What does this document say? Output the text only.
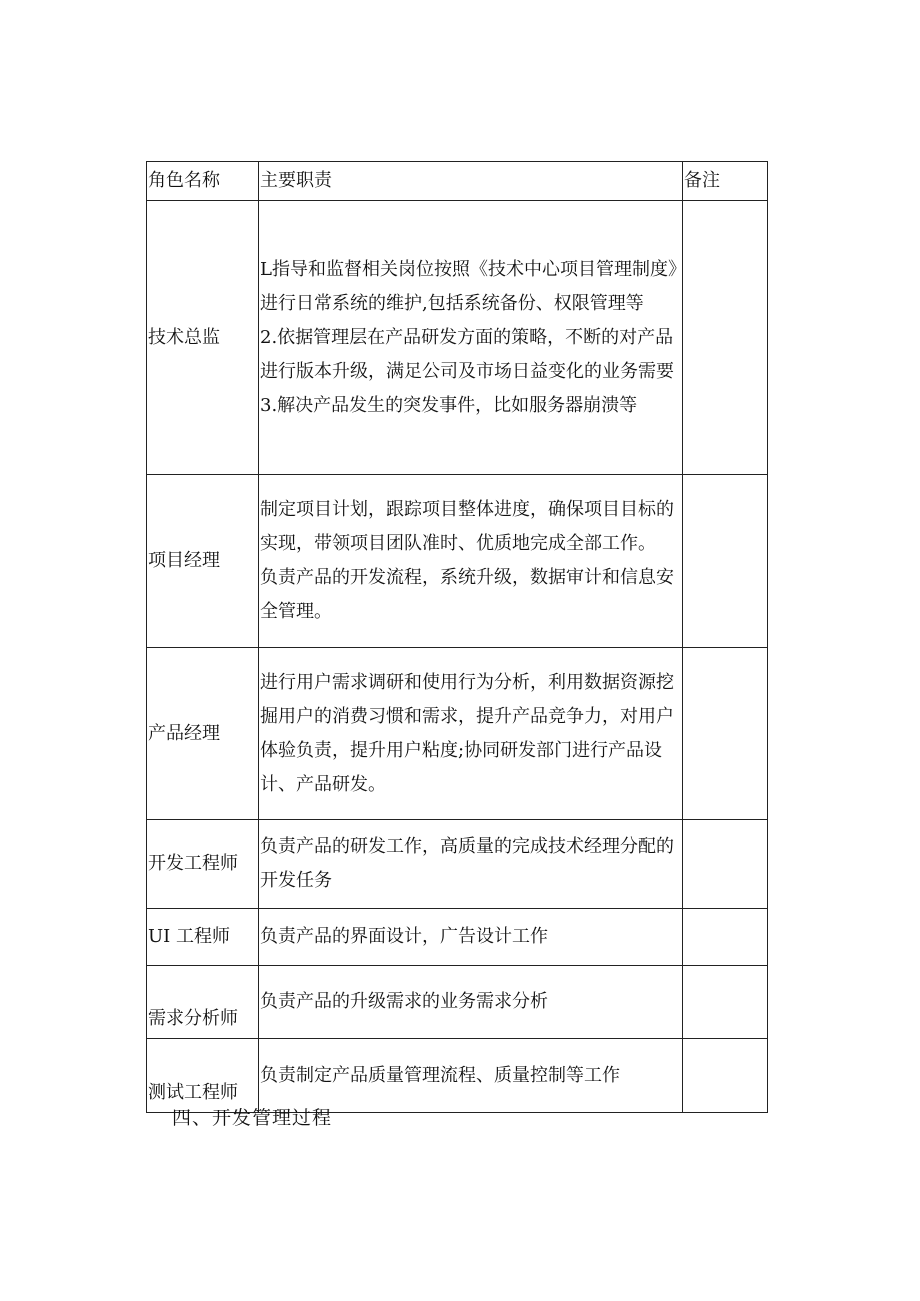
角色名称	主要职责	备注
技术总监	L指导和监督相关岗位按照《技术中心项目管理制度》进行日常系统的维护,包括系统备份、权限管理等
2.依据管理层在产品研发方面的策略，不断的对产品进行版本升级，满足公司及市场日益变化的业务需要
3.解决产品发生的突发事件，比如服务器崩溃等	

项目经理	制定项目计划，跟踪项目整体进度，确保项目目标的实现，带领项目团队准时、优质地完成全部工作。
负责产品的开发流程，系统升级，数据审计和信息安全管理。	

产品经理	进行用户需求调研和使用行为分析，利用数据资源挖掘用户的消费习惯和需求，提升产品竞争力，对用户体验负责，提升用户粘度;协同研发部门进行产品设计、产品研发。	

开发工程师	负责产品的研发工作，高质量的完成技术经理分配的开发任务	

UI 工程师	负责产品的界面设计，广告设计工作	

需求分析师	负责产品的升级需求的业务需求分析	

测试工程师	负责制定产品质量管理流程、质量控制等工作	

四、开发管理过程
